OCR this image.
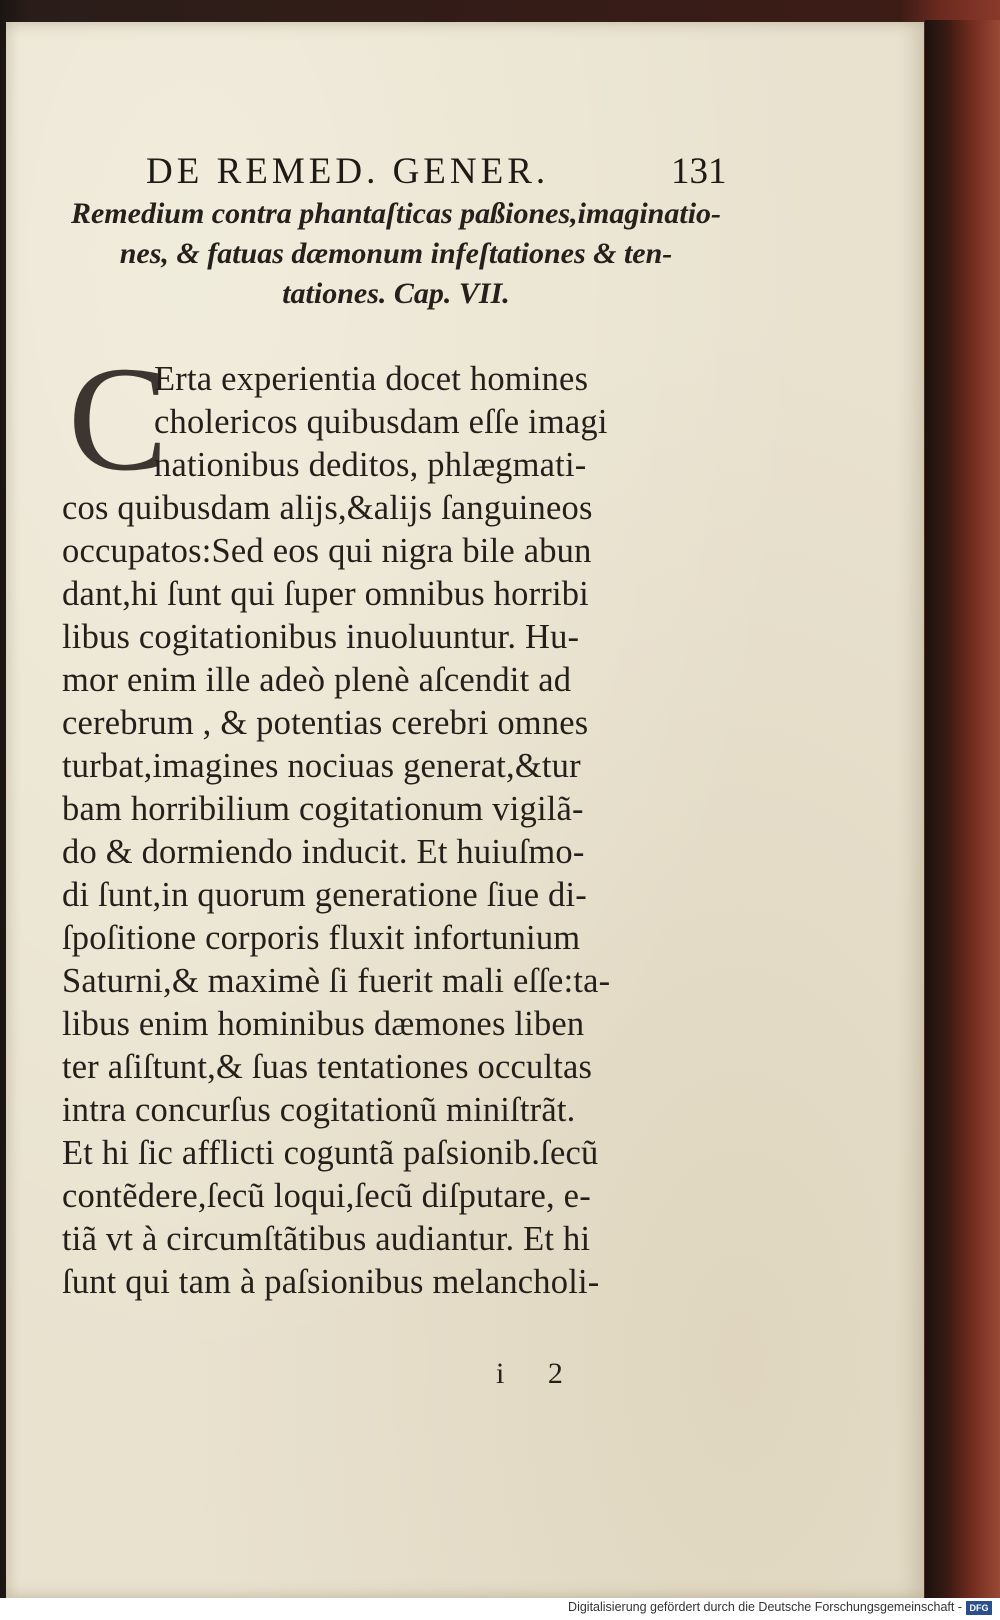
DE REMED. GENER.	131
Remedium contra phantaſticas paßiones,imaginatio-
nes, & fatuas dæmonum infeſtationes & ten-
tationes. Cap. VII.
C
Erta experientia docet homines
cholericos quibusdam eſſe imagi
nationibus deditos, phlægmati-
cos quibusdam alijs,&alijs ſanguineos
occupatos:Sed eos qui nigra bile abun
dant,hi ſunt qui ſuper omnibus horribi
libus cogitationibus inuoluuntur. Hu-
mor enim ille adeò plenè aſcendit ad
cerebrum , & potentias cerebri omnes
turbat,imagines nociuas generat,&tur
bam horribilium cogitationum vigilã-
do & dormiendo inducit. Et huiuſmo-
di ſunt,in quorum generatione ſiue di-
ſpoſitione corporis fluxit infortunium
Saturni,& maximè ſi fuerit mali eſſe:ta-
libus enim hominibus dæmones liben
ter aſiſtunt,& ſuas tentationes occultas
intra concurſus cogitationũ miniſtrãt.
Et hi ſic afflicti coguntã paſsionib.ſecũ
contẽdere,ſecũ loqui,ſecũ diſputare, e-
tiã vt à circumſtãtibus audiantur. Et hi
ſunt qui tam à paſsionibus melancholi-
i 2
Digitalisierung gefördert durch die Deutsche Forschungsgemeinschaft - DFG
